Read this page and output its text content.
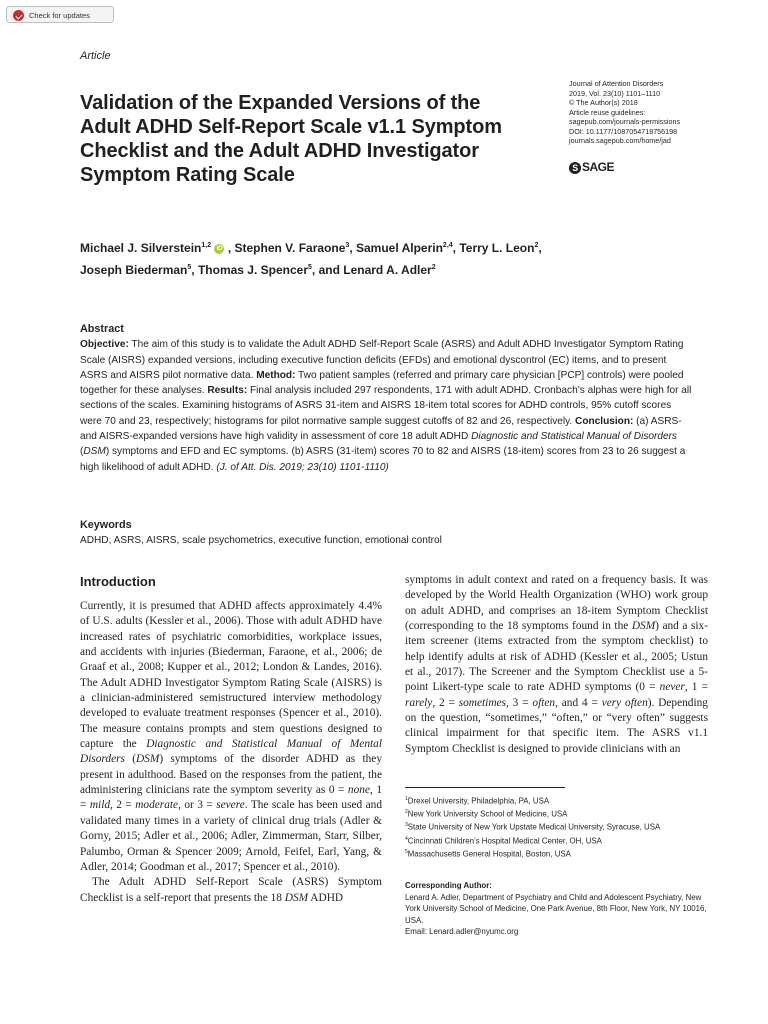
Check for updates
Article
Validation of the Expanded Versions of the Adult ADHD Self-Report Scale v1.1 Symptom Checklist and the Adult ADHD Investigator Symptom Rating Scale
Journal of Attention Disorders
2019, Vol. 23(10) 1101–1110
© The Author(s) 2018
Article reuse guidelines:
sagepub.com/journals-permissions
DOI: 10.1177/1087054718756198
journals.sagepub.com/home/jad
S SAGE
Michael J. Silverstein$^{1,2}$ iD , Stephen V. Faraone$^3$, Samuel Alperin$^{2,4}$, Terry L. Leon$^2$,
Joseph Biederman$^5$, Thomas J. Spencer$^5$, and Lenard A. Adler$^2$
Abstract

Objective: The aim of this study is to validate the Adult ADHD Self-Report Scale (ASRS) and Adult ADHD Investigator Symptom Rating Scale (AISRS) expanded versions, including executive function deficits (EFDs) and emotional dyscontrol (EC) items, and to present ASRS and AISRS pilot normative data. Method: Two patient samples (referred and primary care physician [PCP] controls) were pooled together for these analyses. Results: Final analysis included 297 respondents, 171 with adult ADHD. Cronbach’s alphas were high for all sections of the scales. Examining histograms of ASRS 31-item and AISRS 18-item total scores for ADHD controls, 95% cutoff scores were 70 and 23, respectively; histograms for pilot normative sample suggest cutoffs of 82 and 26, respectively. Conclusion: (a) ASRS- and AISRS-expanded versions have high validity in assessment of core 18 adult ADHD Diagnostic and Statistical Manual of Disorders (DSM) symptoms and EFD and EC symptoms. (b) ASRS (31-item) scores 70 to 82 and AISRS (18-item) scores from 23 to 26 suggest a high likelihood of adult ADHD. (J. of Att. Dis. 2019; 23(10) 1101-1110)

Keywords
ADHD, ASRS, AISRS, scale psychometrics, executive function, emotional control
Introduction

Currently, it is presumed that ADHD affects approximately 4.4% of U.S. adults (Kessler et al., 2006). Those with adult ADHD have increased rates of psychiatric comorbidities, workplace issues, and accidents with injuries (Biederman, Faraone, et al., 2006; de Graaf et al., 2008; Kupper et al., 2012; London & Landes, 2016). The Adult ADHD Investigator Symptom Rating Scale (AISRS) is a clinician-administered semistructured interview methodology developed to evaluate treatment responses (Spencer et al., 2010). The measure contains prompts and stem questions designed to capture the Diagnostic and Statistical Manual of Mental Disorders (DSM) symptoms of the disorder ADHD as they present in adulthood. Based on the responses from the patient, the administering clinicians rate the symptom severity as 0 = none, 1 = mild, 2 = moderate, or 3 = severe. The scale has been used and validated many times in a variety of clinical drug trials (Adler & Gorny, 2015; Adler et al., 2006; Adler, Zimmerman, Starr, Silber, Palumbo, Orman & Spencer 2009; Arnold, Feifel, Earl, Yang, & Adler, 2014; Goodman et al., 2017; Spencer et al., 2010).

The Adult ADHD Self-Report Scale (ASRS) Symptom Checklist is a self-report that presents the 18 DSM ADHD

symptoms in adult context and rated on a frequency basis. It was developed by the World Health Organization (WHO) work group on adult ADHD, and comprises an 18-item Symptom Checklist (corresponding to the 18 symptoms found in the DSM) and a six-item screener (items extracted from the symptom checklist) to help identify adults at risk of ADHD (Kessler et al., 2005; Ustun et al., 2017). The Screener and the Symptom Checklist use a 5-point Likert-type scale to rate ADHD symptoms (0 = never, 1 = rarely, 2 = sometimes, 3 = often, and 4 = very often). Depending on the question, “sometimes,” “often,” or “very often” suggests clinical impairment for that specific item. The ASRS v1.1 Symptom Checklist is designed to provide clinicians with an

$^1$Drexel University, Philadelphia, PA, USA
$^2$New York University School of Medicine, USA
$^3$State University of New York Upstate Medical University, Syracuse, USA
$^4$Cincinnati Children’s Hospital Medical Center, OH, USA
$^5$Massachusetts General Hospital, Boston, USA
Corresponding Author:
Lenard A. Adler, Department of Psychiatry and Child and Adolescent Psychiatry, New York University School of Medicine, One Park Avenue, 8th Floor, New York, NY 10016, USA.
Email: Lenard.adler@nyumc.org
